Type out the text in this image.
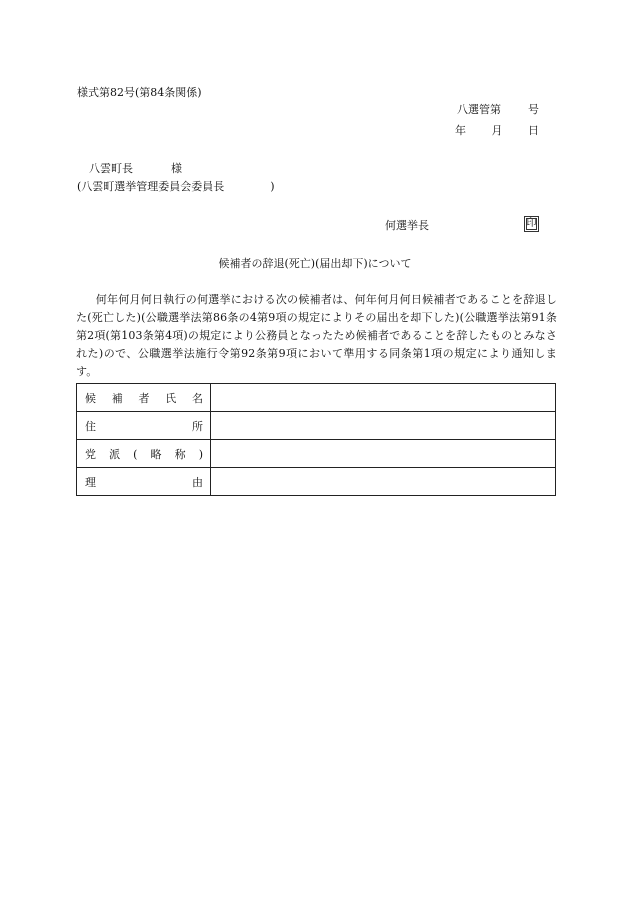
様式第82号(第84条関係)
八選管第 号
年 月 日
八雲町長	様
(八雲町選挙管理委員会委員長	)
何選挙長	印
候補者の辞退(死亡)(届出却下)について
何年何月何日執行の何選挙における次の候補者は、何年何月何日候補者であることを辞退した(死亡した)(公職選挙法第86条の4第9項の規定によりその届出を却下した)(公職選挙法第91条第2項(第103条第4項)の規定により公務員となったため候補者であることを辞したものとみなされた)ので、公職選挙法施行令第92条第9項において準用する同条第1項の規定により通知します。
候補者氏名	
住所	
党派(略称)	
理由	
